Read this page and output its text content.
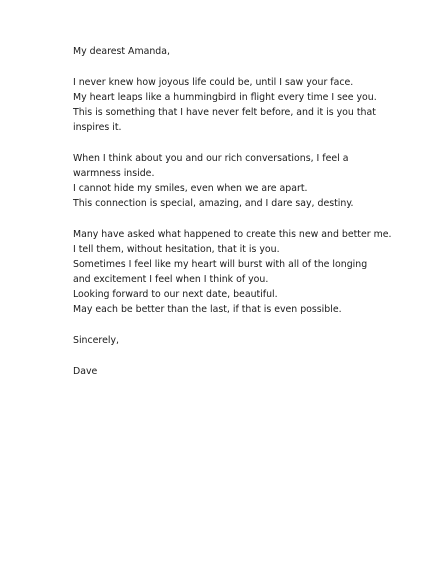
My dearest Amanda,
I never knew how joyous life could be, until I saw your face.
My heart leaps like a hummingbird in flight every time I see you.
This is something that I have never felt before, and it is you that
inspires it.
When I think about you and our rich conversations, I feel a
warmness inside.
I cannot hide my smiles, even when we are apart.
This connection is special, amazing, and I dare say, destiny.
Many have asked what happened to create this new and better me.
I tell them, without hesitation, that it is you.
Sometimes I feel like my heart will burst with all of the longing
and excitement I feel when I think of you.
Looking forward to our next date, beautiful.
May each be better than the last, if that is even possible.
Sincerely,
Dave
